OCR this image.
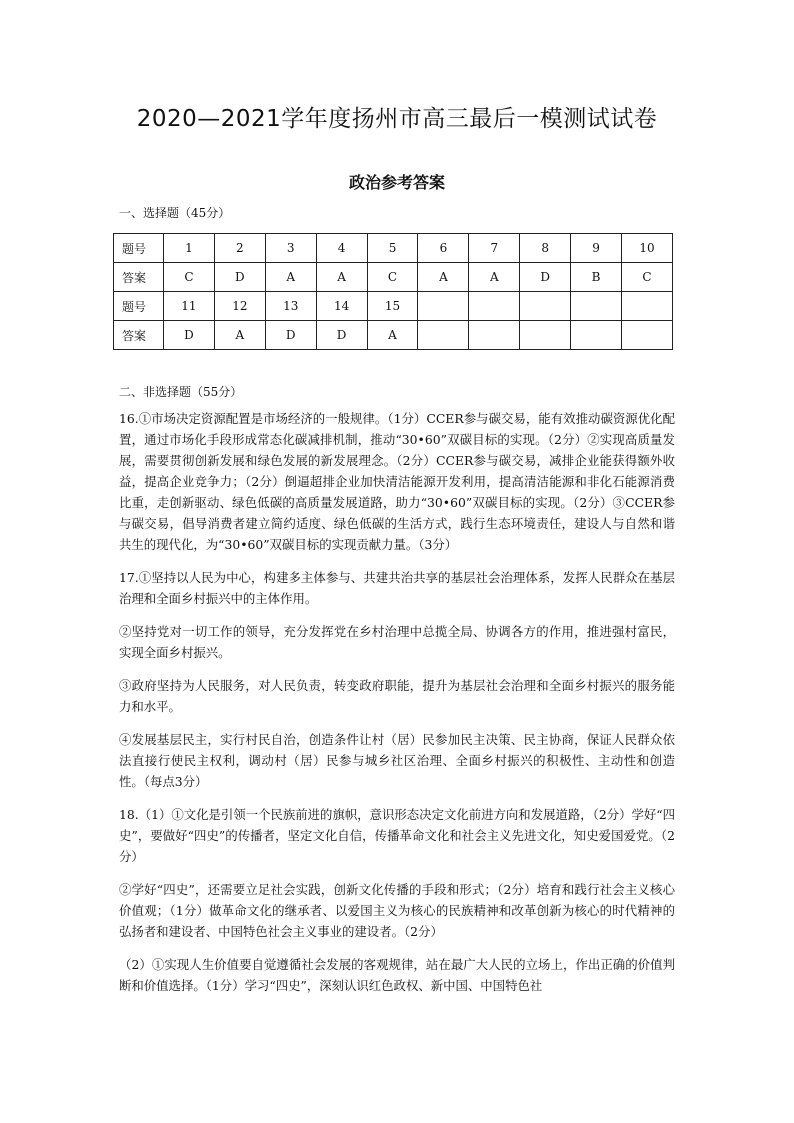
2020—2021学年度扬州市高三最后一模测试试卷
政治参考答案
一、选择题（45分）
题号	1	2	3	4	5	6	7	8	9	10
答案	C	D	A	A	C	A	A	D	B	C
题号	11	12	13	14	15					
答案	D	A	D	D	A					
二、非选择题（55分）

16.①市场决定资源配置是市场经济的一般规律。（1分）CCER参与碳交易，能有效推动碳资源优化配置，通过市场化手段形成常态化碳减排机制，推动“30•60”双碳目标的实现。（2分）②实现高质量发展，需要贯彻创新发展和绿色发展的新发展理念。（2分）CCER参与碳交易，减排企业能获得额外收益，提高企业竞争力；（2分）倒逼超排企业加快清洁能源开发利用，提高清洁能源和非化石能源消费比重，走创新驱动、绿色低碳的高质量发展道路，助力“30•60”双碳目标的实现。（2分）③CCER参与碳交易，倡导消费者建立简约适度、绿色低碳的生活方式，践行生态环境责任，建设人与自然和谐共生的现代化，为“30•60”双碳目标的实现贡献力量。（3分）

17.①坚持以人民为中心，构建多主体参与、共建共治共享的基层社会治理体系，发挥人民群众在基层治理和全面乡村振兴中的主体作用。

②坚持党对一切工作的领导，充分发挥党在乡村治理中总揽全局、协调各方的作用，推进强村富民，实现全面乡村振兴。

③政府坚持为人民服务，对人民负责，转变政府职能，提升为基层社会治理和全面乡村振兴的服务能力和水平。

④发展基层民主，实行村民自治，创造条件让村（居）民参加民主决策、民主协商，保证人民群众依法直接行使民主权利，调动村（居）民参与城乡社区治理、全面乡村振兴的积极性、主动性和创造性。（每点3分）

18.（1）①文化是引领一个民族前进的旗帜，意识形态决定文化前进方向和发展道路，（2分）学好“四史”，要做好“四史”的传播者，坚定文化自信，传播革命文化和社会主义先进文化，知史爱国爱党。（2分）

②学好“四史”，还需要立足社会实践，创新文化传播的手段和形式；（2分）培育和践行社会主义核心价值观；（1分）做革命文化的继承者、以爱国主义为核心的民族精神和改革创新为核心的时代精神的弘扬者和建设者、中国特色社会主义事业的建设者。（2分）

（2）①实现人生价值要自觉遵循社会发展的客观规律，站在最广大人民的立场上，作出正确的价值判断和价值选择。（1分）学习“四史”，深刻认识红色政权、新中国、中国特色社
